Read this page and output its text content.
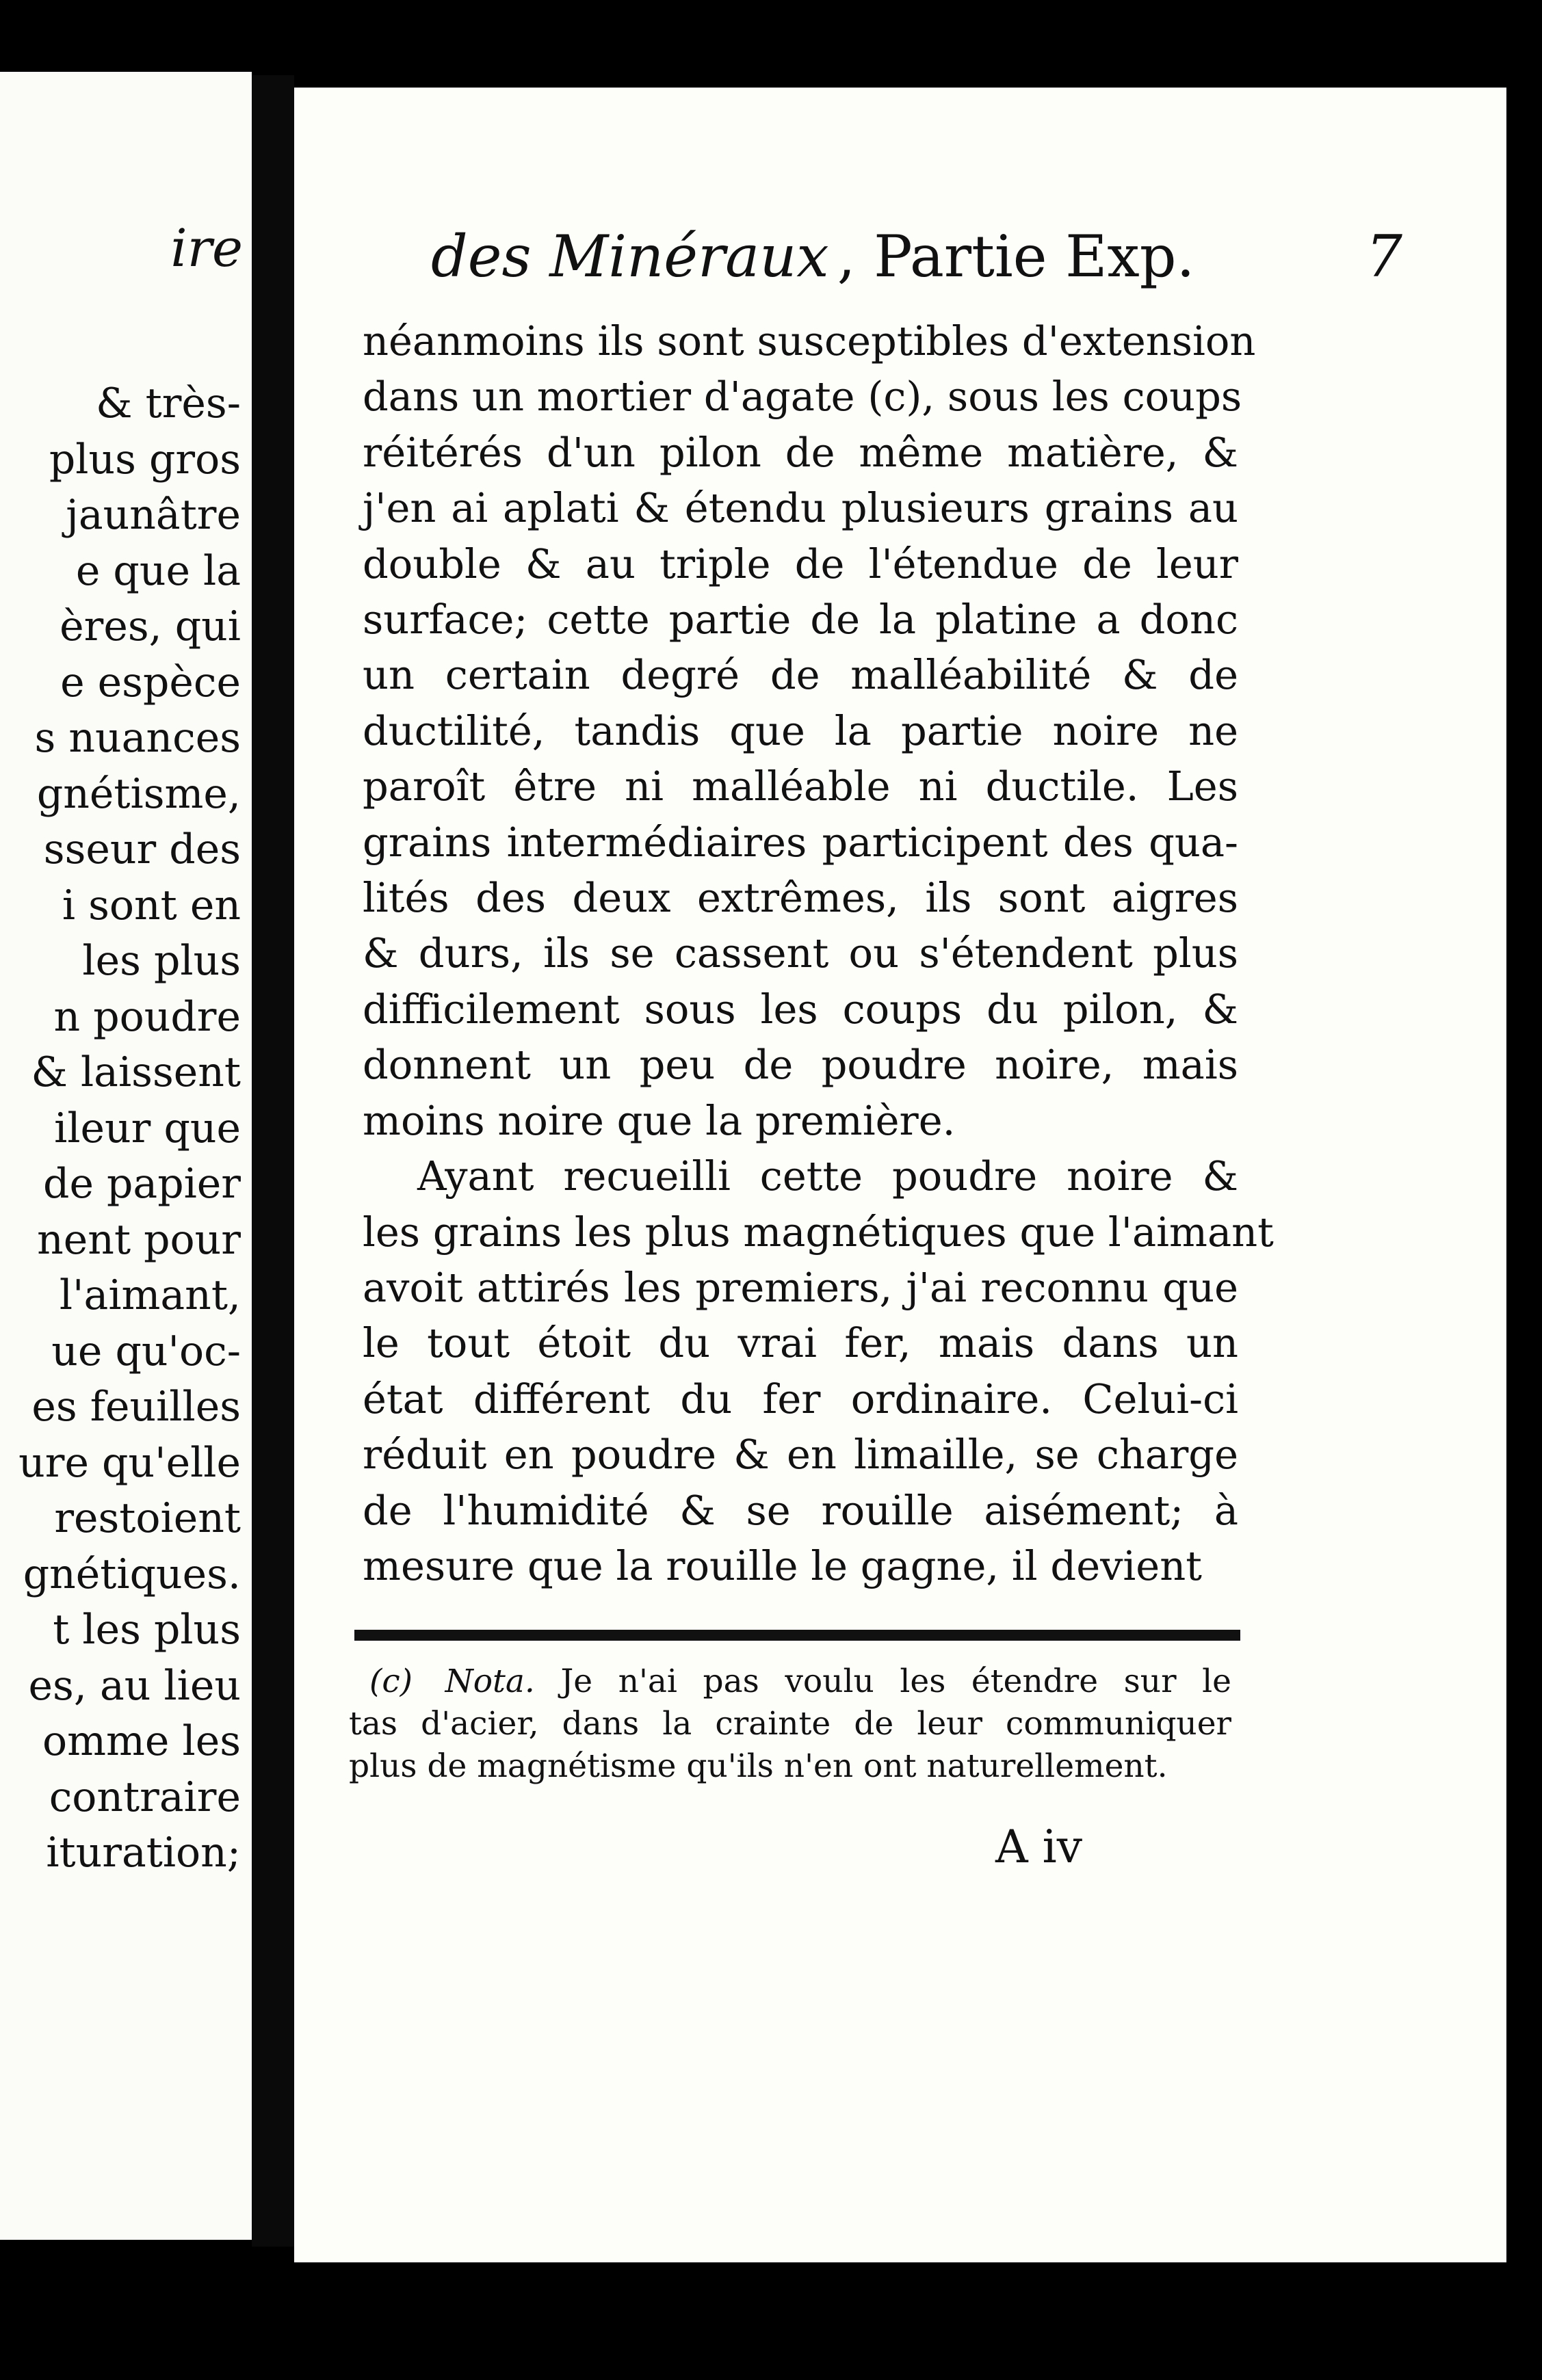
ire
& très-
plus gros
jaunâtre
e que la
ères, qui
e espèce
s nuances
gnétisme,
sseur des
i sont en
les plus
n poudre
& laissent
ileur que
de papier
nent pour
l'aimant,
ue qu'oc-
es feuilles
ure qu'elle
restoient
gnétiques.
t les plus
es, au lieu
omme les
contraire
ituration;
des Minéraux , Partie Exp.	7
néanmoins ils sont susceptibles d'extension
dans un mortier d'agate (c), sous les coups
réitérés d'un pilon de même matière, &
j'en ai aplati & étendu plusieurs grains au
double & au triple de l'étendue de leur
surface; cette partie de la platine a donc
un certain degré de malléabilité & de
ductilité, tandis que la partie noire ne
paroît être ni malléable ni ductile. Les
grains intermédiaires participent des qua-
lités des deux extrêmes, ils sont aigres
& durs, ils se cassent ou s'étendent plus
difficilement sous les coups du pilon, &
donnent un peu de poudre noire, mais
moins noire que la première.
Ayant recueilli cette poudre noire &
les grains les plus magnétiques que l'aimant
avoit attirés les premiers, j'ai reconnu que
le tout étoit du vrai fer, mais dans un
état différent du fer ordinaire. Celui-ci
réduit en poudre & en limaille, se charge
de l'humidité & se rouille aisément; à
mesure que la rouille le gagne, il devient
(c) Nota. Je n'ai pas voulu les étendre sur le
tas d'acier, dans la crainte de leur communiquer
plus de magnétisme qu'ils n'en ont naturellement.
A iv
